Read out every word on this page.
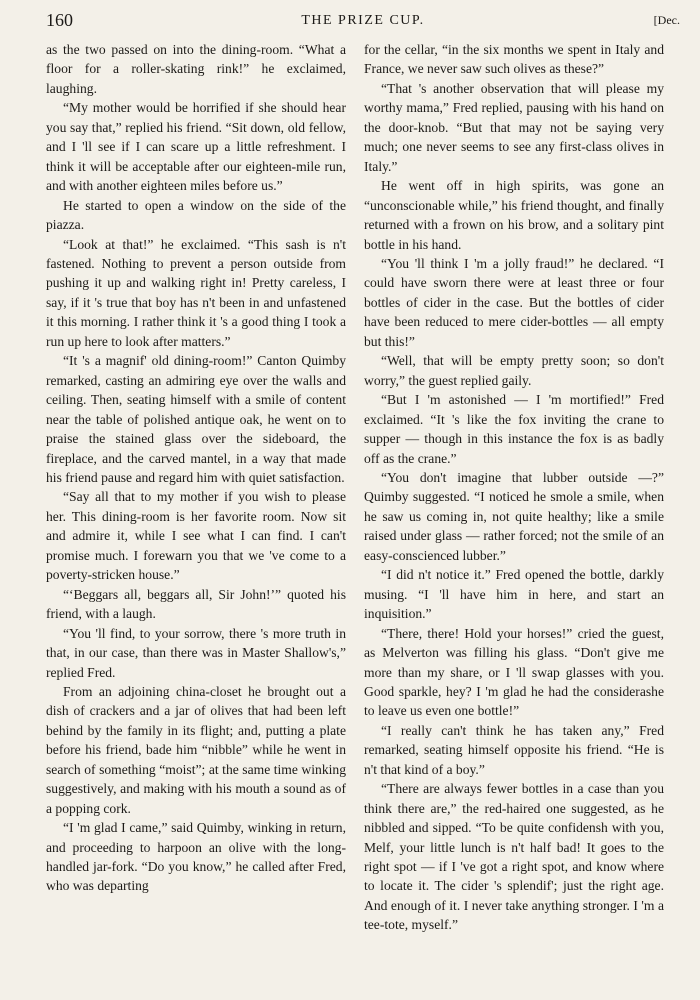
160	THE PRIZE CUP.	[Dec.

as the two passed on into the dining-room. “What a floor for a roller-skating rink!” he exclaimed, laughing.

“My mother would be horrified if she should hear you say that,” replied his friend. “Sit down, old fellow, and I 'll see if I can scare up a little refreshment. I think it will be acceptable after our eighteen-mile run, and with another eighteen miles before us.”

He started to open a window on the side of the piazza.

“Look at that!” he exclaimed. “This sash is n't fastened. Nothing to prevent a person outside from pushing it up and walking right in! Pretty careless, I say, if it 's true that boy has n't been in and unfastened it this morning. I rather think it 's a good thing I took a run up here to look after matters.”

“It 's a magnif' old dining-room!” Canton Quimby remarked, casting an admiring eye over the walls and ceiling. Then, seating himself with a smile of content near the table of polished antique oak, he went on to praise the stained glass over the sideboard, the fireplace, and the carved mantel, in a way that made his friend pause and regard him with quiet satisfaction.

“Say all that to my mother if you wish to please her. This dining-room is her favorite room. Now sit and admire it, while I see what I can find. I can't promise much. I forewarn you that we 've come to a poverty-stricken house.”

“‘Beggars all, beggars all, Sir John!’” quoted his friend, with a laugh.

“You 'll find, to your sorrow, there 's more truth in that, in our case, than there was in Master Shallow's,” replied Fred.

From an adjoining china-closet he brought out a dish of crackers and a jar of olives that had been left behind by the family in its flight; and, putting a plate before his friend, bade him “nibble” while he went in search of something “moist”; at the same time winking suggestively, and making with his mouth a sound as of a popping cork.

“I 'm glad I came,” said Quimby, winking in return, and proceeding to harpoon an olive with the long-handled jar-fork. “Do you know,” he called after Fred, who was departing

for the cellar, “in the six months we spent in Italy and France, we never saw such olives as these?”

“That 's another observation that will please my worthy mama,” Fred replied, pausing with his hand on the door-knob. “But that may not be saying very much; one never seems to see any first-class olives in Italy.”

He went off in high spirits, was gone an “unconscionable while,” his friend thought, and finally returned with a frown on his brow, and a solitary pint bottle in his hand.

“You 'll think I 'm a jolly fraud!” he declared. “I could have sworn there were at least three or four bottles of cider in the case. But the bottles of cider have been reduced to mere cider-bottles — all empty but this!”

“Well, that will be empty pretty soon; so don't worry,” the guest replied gaily.

“But I 'm astonished — I 'm mortified!” Fred exclaimed. “It 's like the fox inviting the crane to supper — though in this instance the fox is as badly off as the crane.”

“You don't imagine that lubber outside —?” Quimby suggested. “I noticed he smole a smile, when he saw us coming in, not quite healthy; like a smile raised under glass — rather forced; not the smile of an easy-conscienced lubber.”

“I did n't notice it.” Fred opened the bottle, darkly musing. “I 'll have him in here, and start an inquisition.”

“There, there! Hold your horses!” cried the guest, as Melverton was filling his glass. “Don't give me more than my share, or I 'll swap glasses with you. Good sparkle, hey? I 'm glad he had the considerashe to leave us even one bottle!”

“I really can't think he has taken any,” Fred remarked, seating himself opposite his friend. “He is n't that kind of a boy.”

“There are always fewer bottles in a case than you think there are,” the red-haired one suggested, as he nibbled and sipped. “To be quite confidensh with you, Melf, your little lunch is n't half bad! It goes to the right spot — if I 've got a right spot, and know where to locate it. The cider 's splendif'; just the right age. And enough of it. I never take anything stronger. I 'm a tee-tote, myself.”
